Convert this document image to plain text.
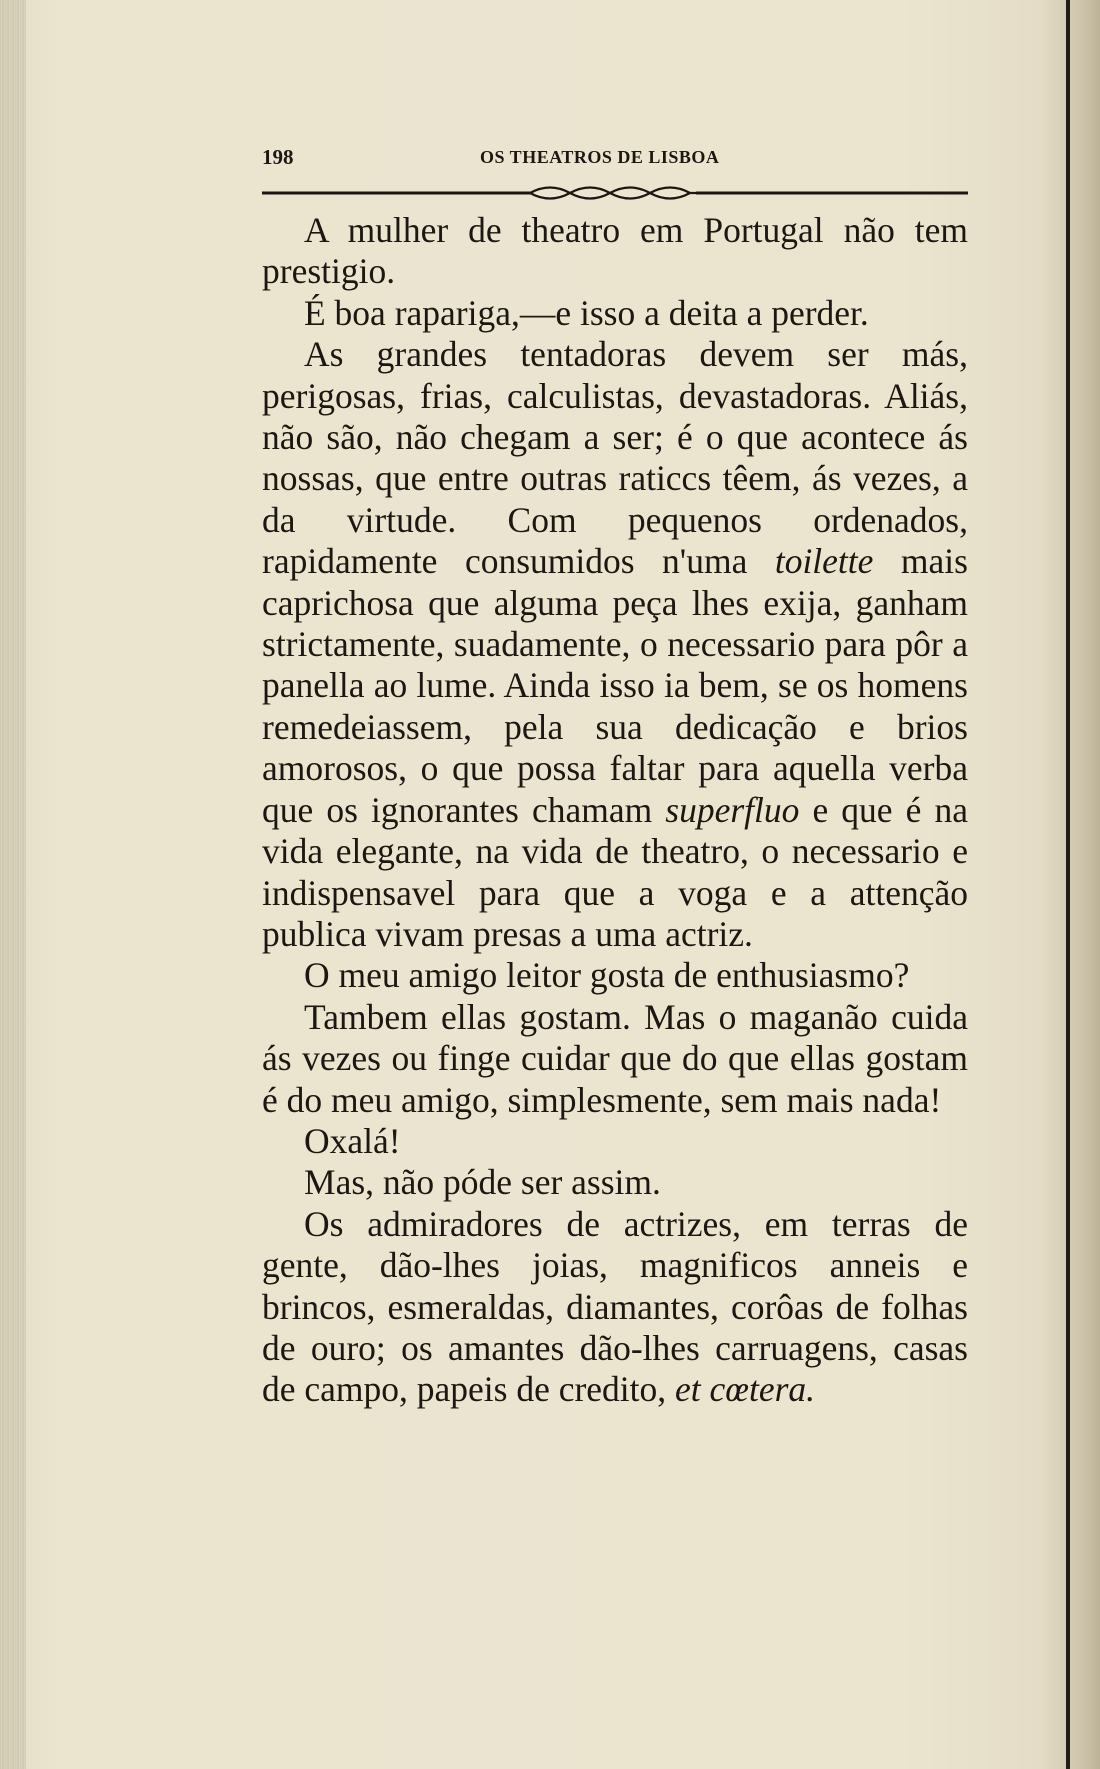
198	OS THEATROS DE LISBOA

A mulher de theatro em Portugal não tem prestigio.

É boa rapariga,—e isso a deita a perder.

As grandes tentadoras devem ser más, perigosas, frias, calculistas, devastadoras. Aliás, não são, não chegam a ser; é o que acontece ás nossas, que entre outras raticcs têem, ás vezes, a da virtude. Com pequenos ordenados, rapidamente consumidos n'uma toilette mais caprichosa que alguma peça lhes exija, ganham strictamente, suadamente, o necessario para pôr a panella ao lume. Ainda isso ia bem, se os homens remedeiassem, pela sua dedicação e brios amorosos, o que possa faltar para aquella verba que os ignorantes chamam superfluo e que é na vida elegante, na vida de theatro, o necessario e indispensavel para que a voga e a attenção publica vivam presas a uma actriz.

O meu amigo leitor gosta de enthusiasmo?

Tambem ellas gostam. Mas o maganão cuida ás vezes ou finge cuidar que do que ellas gostam é do meu amigo, simplesmente, sem mais nada!

Oxalá!

Mas, não póde ser assim.

Os admiradores de actrizes, em terras de gente, dão-lhes joias, magnificos anneis e brincos, esmeraldas, diamantes, corôas de folhas de ouro; os amantes dão-lhes carruagens, casas de campo, papeis de credito, et cœtera.
